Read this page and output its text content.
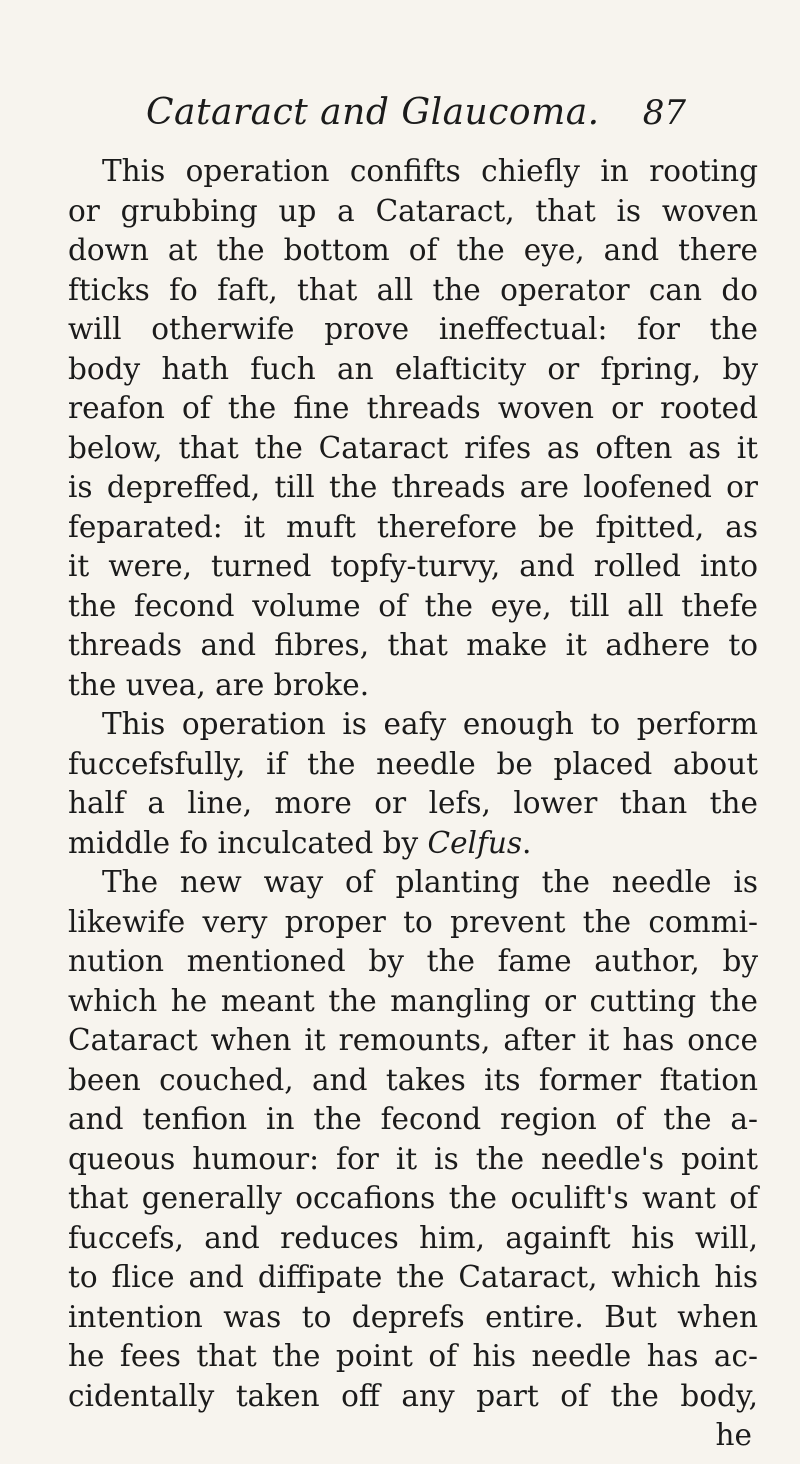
Cataract and Glaucoma. 87
This operation confifts chiefly in rooting
or grubbing up a Cataract, that is woven
down at the bottom of the eye, and there
fticks fo faft, that all the operator can do
will otherwife prove ineffectual: for the
body hath fuch an elafticity or fpring, by
reafon of the fine threads woven or rooted
below, that the Cataract rifes as often as it
is depreffed, till the threads are loofened or
feparated: it muft therefore be fpitted, as
it were, turned topfy-turvy, and rolled into
the fecond volume of the eye, till all thefe
threads and fibres, that make it adhere to
the uvea, are broke.
This operation is eafy enough to perform
fuccefsfully, if the needle be placed about
half a line, more or lefs, lower than the
middle fo inculcated by Celfus.
The new way of planting the needle is
likewife very proper to prevent the commi-
nution mentioned by the fame author, by
which he meant the mangling or cutting the
Cataract when it remounts, after it has once
been couched, and takes its former ftation
and tenfion in the fecond region of the a-
queous humour: for it is the needle's point
that generally occafions the oculift's want of
fuccefs, and reduces him, againft his will,
to flice and diffipate the Cataract, which his
intention was to deprefs entire. But when
he fees that the point of his needle has ac-
cidentally taken off any part of the body,
he
